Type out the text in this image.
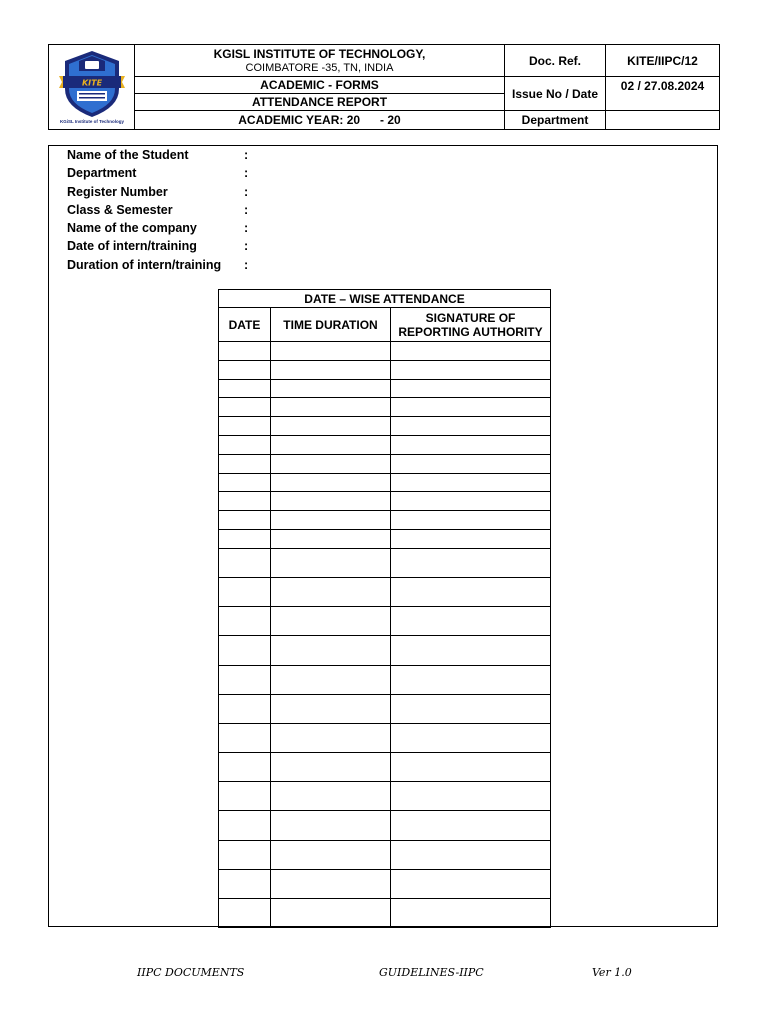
KITE
KGiSL Institute of Technology	KGISL INSTITUTE OF TECHNOLOGY,
COIMBATORE -35, TN, INDIA	Doc. Ref.	KITE/IIPC/12
	ACADEMIC - FORMS	Issue No / Date	02 / 27.08.2024
	ATTENDANCE REPORT		
	ACADEMIC YEAR: 20      - 20	Department	
Name of the Student	:
Department	:
Register Number	:
Class & Semester	:
Name of the company	:
Date of intern/training	:
Duration of intern/training :
DATE – WISE ATTENDANCE		
DATE	TIME DURATION	SIGNATURE OF
REPORTING AUTHORITY

IIPC DOCUMENTS	GUIDELINES-IIPC	Ver 1.0
